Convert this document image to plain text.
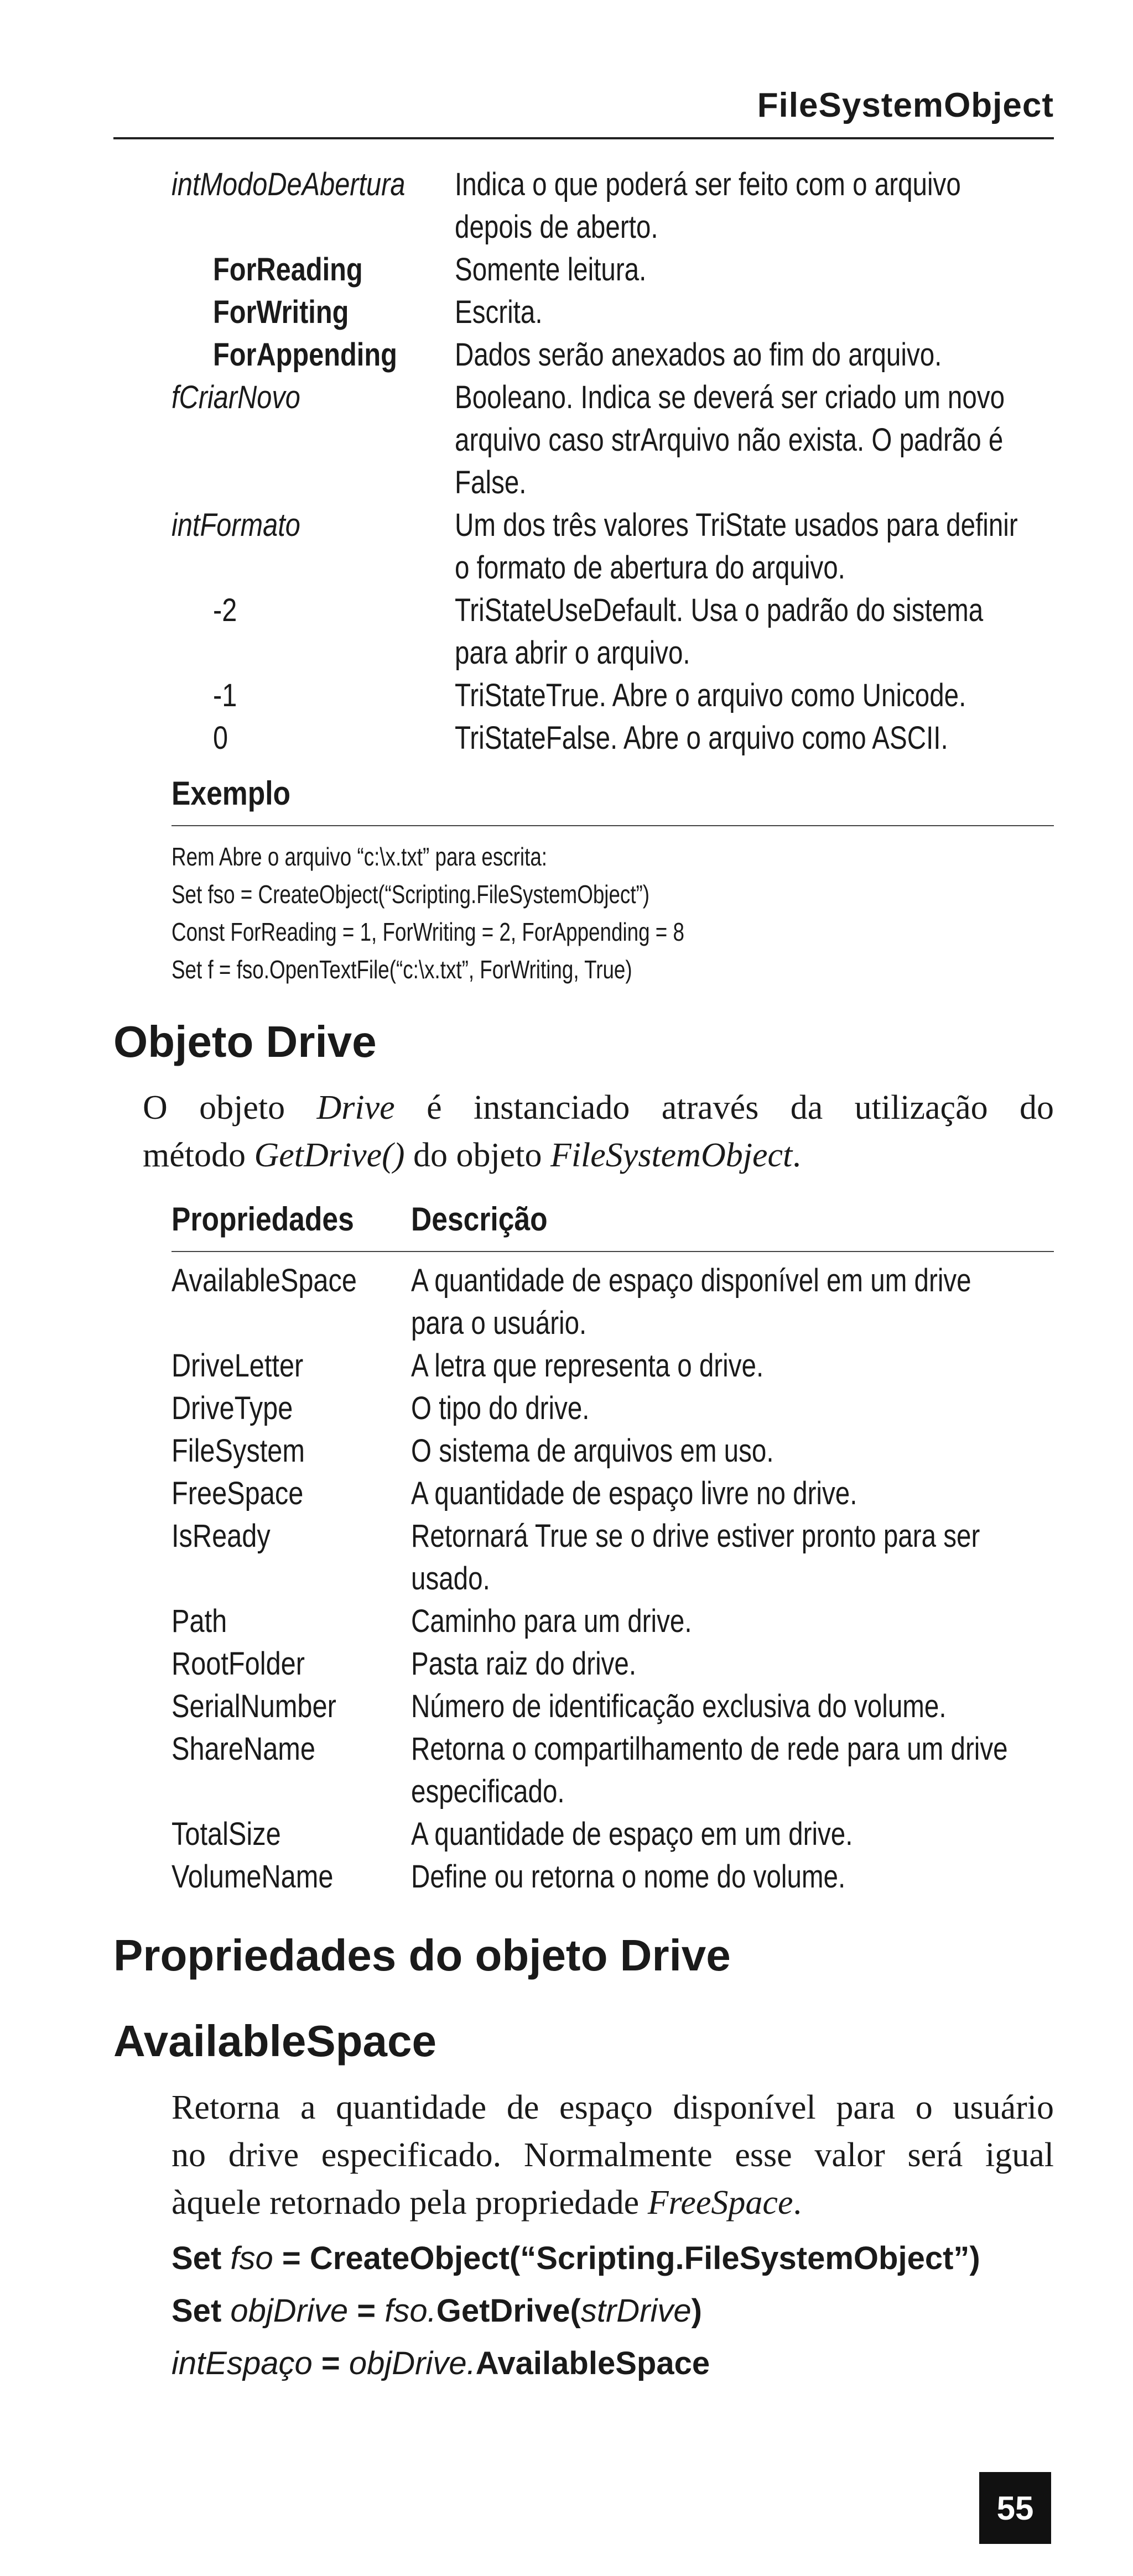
FileSystemObject
intModoDeAbertura	Indica o que poderá ser feito com o arquivo
depois de aberto.
ForReading	Somente leitura.
ForWriting	Escrita.
ForAppending	Dados serão anexados ao fim do arquivo.
fCriarNovo	Booleano. Indica se deverá ser criado um novo
arquivo caso strArquivo não exista. O padrão é
False.
intFormato	Um dos três valores TriState usados para definir
o formato de abertura do arquivo.
-2	TriStateUseDefault. Usa o padrão do sistema
para abrir o arquivo.
-1	TriStateTrue. Abre o arquivo como Unicode.
0	TriStateFalse. Abre o arquivo como ASCII.
Exemplo
Rem Abre o arquivo “c:\x.txt” para escrita:
Set fso = CreateObject(“Scripting.FileSystemObject”)
Const ForReading = 1, ForWriting = 2, ForAppending = 8
Set f = fso.OpenTextFile(“c:\x.txt”, ForWriting, True)
Objeto Drive
O objeto Drive é instanciado através da utilização do
método GetDrive() do objeto FileSystemObject.
Propriedades	Descrição
AvailableSpace	A quantidade de espaço disponível em um drive
para o usuário.
DriveLetter	A letra que representa o drive.
DriveType	O tipo do drive.
FileSystem	O sistema de arquivos em uso.
FreeSpace	A quantidade de espaço livre no drive.
IsReady	Retornará True se o drive estiver pronto para ser
usado.
Path	Caminho para um drive.
RootFolder	Pasta raiz do drive.
SerialNumber	Número de identificação exclusiva do volume.
ShareName	Retorna o compartilhamento de rede para um drive
especificado.
TotalSize	A quantidade de espaço em um drive.
VolumeName	Define ou retorna o nome do volume.
Propriedades do objeto Drive
AvailableSpace
Retorna a quantidade de espaço disponível para o usuário
no drive especificado. Normalmente esse valor será igual
àquele retornado pela propriedade FreeSpace.
Set fso = CreateObject(“Scripting.FileSystemObject”)
Set objDrive = fso.GetDrive(strDrive)
intEspaço = objDrive.AvailableSpace
55
